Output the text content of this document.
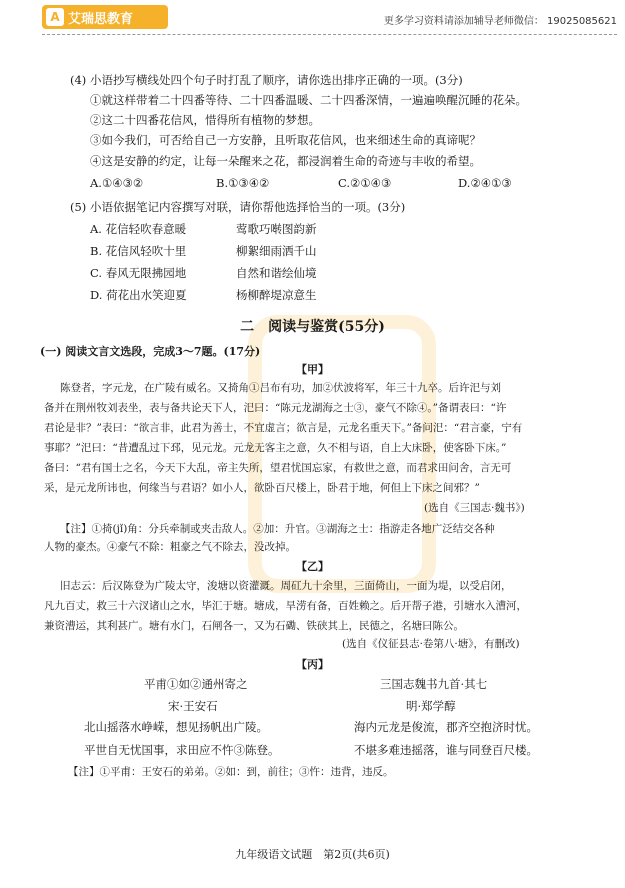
A 艾瑞思教育	更多学习资料请添加辅导老师微信： 19025085621
(4) 小语抄写横线处四个句子时打乱了顺序，请你选出排序正确的一项。(3分)
①就这样带着二十四番等待、二十四番温暖、二十四番深情，一遍遍唤醒沉睡的花朵。
②这二十四番花信风，惜得所有植物的梦想。
③如今我们，可否给自己一方安静，且听取花信风，也来细述生命的真谛呢？
④这是安静的约定，让每一朵醒来之花，都浸润着生命的奇迹与丰收的希望。
A.①④③②	B.①③④②	C.②①④③	D.②④①③
(5) 小语依据笔记内容撰写对联，请你帮他选择恰当的一项。(3分)
A. 花信轻吹春意暖	莺歌巧啭图韵新
B. 花信风轻吹十里	柳絮细雨洒千山
C. 春风无限拂园地	自然和谐绘仙境
D. 荷花出水笑迎夏	杨柳醉堤凉意生
二　阅读与鉴赏(55分)
(一) 阅读文言文选段，完成3～7题。(17分)
【甲】
陈登者，字元龙，在广陵有威名。又掎角①吕布有功，加②伏波将军，年三十九卒。后许汜与刘
备并在荆州牧刘表坐，表与备共论天下人，汜曰：“陈元龙湖海之士③，豪气不除④。”备谓表曰：“许
君论是非？”表曰：“欲言非，此君为善士，不宜虚言；欲言是，元龙名重天下。”备问汜：“君言豪，宁有
事耶？”汜曰：“昔遭乱过下邳，见元龙。元龙无客主之意，久不相与语，自上大床卧，使客卧下床。”
备曰：“君有国士之名，今天下大乱，帝主失所，望君忧国忘家，有救世之意，而君求田问舍，言无可
采，是元龙所讳也，何缘当与君语？如小人，欲卧百尺楼上，卧君于地，何但上下床之间邪？”
(选自《三国志·魏书》)
【注】①掎(jǐ)角：分兵牵制或夹击敌人。②加：升官。③湖海之士：指游走各地广泛结交各种
人物的豪杰。④豪气不除：粗豪之气不除去，没改掉。
【乙】
旧志云：后汉陈登为广陵太守，浚塘以资灌溉。周矼九十余里，三面倚山，一面为堤，以受启闭，
凡九百丈，救三十六汊诸山之水，毕汇于塘。塘成，旱涝有备，百姓赖之。后开帮子港，引塘水入漕河，
兼资漕运，其利甚广。塘有水门，石闸各一，又为石磡、铁硖其上，民德之，名塘曰陈公。
(选自《仪征县志·卷第八·塘》，有删改)
【丙】
平甫①如②通州寄之
宋·王安石
北山摇落水峥嵘，想见扬帆出广陵。
平世自无忧国事，求田应不忤③陈登。
三国志魏书九首·其七
明·郑学醇
海内元龙是俊流，郡齐空抱济时忧。
不堪多难违摇落，谁与同登百尺楼。
【注】①平甫：王安石的弟弟。②如：到，前往；③忤：违背，违反。
九年级语文试题　第2页(共6页)
